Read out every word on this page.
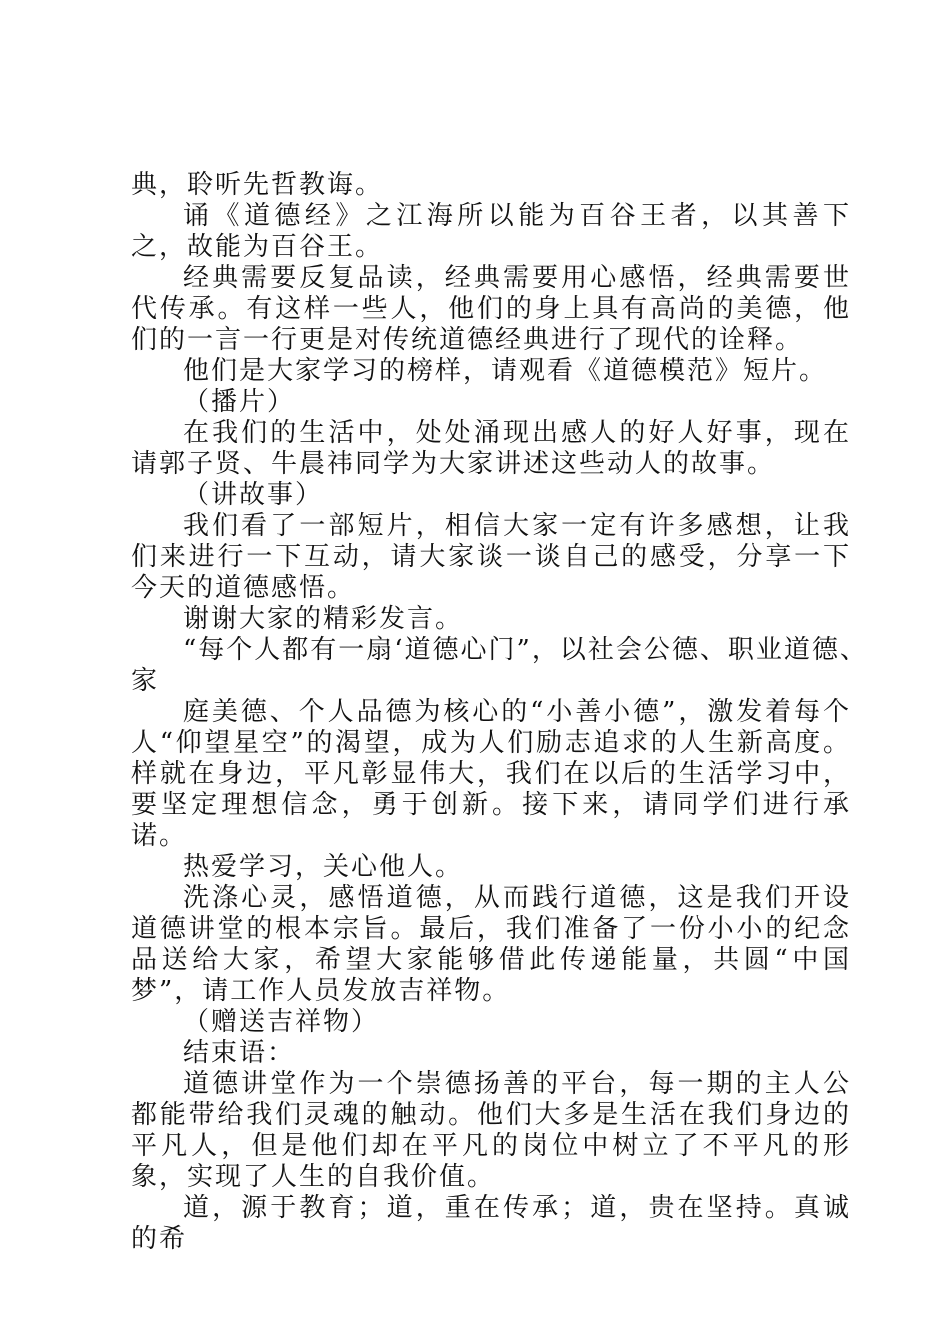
典，聆听先哲教诲。

诵《道德经》之江海所以能为百谷王者，以其善下之，故能为百谷王。

经典需要反复品读，经典需要用心感悟，经典需要世代传承。有这样一些人，他们的身上具有高尚的美德，他们的一言一行更是对传统道德经典进行了现代的诠释。

他们是大家学习的榜样，请观看《道德模范》短片。

（播片）

在我们的生活中，处处涌现出感人的好人好事，现在请郭子贤、牛晨祎同学为大家讲述这些动人的故事。

（讲故事）

我们看了一部短片，相信大家一定有许多感想，让我们来进行一下互动，请大家谈一谈自己的感受，分享一下今天的道德感悟。

谢谢大家的精彩发言。

“每个人都有一扇‘道德心门”，以社会公德、职业道德、

家

庭美德、个人品德为核心的“小善小德”，激发着每个人“仰望星空”的渴望，成为人们励志追求的人生新高度。样就在身边，平凡彰显伟大，我们在以后的生活学习中，要坚定理想信念，勇于创新。接下来，请同学们进行承诺。

热爱学习，关心他人。

洗涤心灵，感悟道德，从而践行道德，这是我们开设道德讲堂的根本宗旨。最后，我们准备了一份小小的纪念品送给大家，希望大家能够借此传递能量，共圆“中国梦”，请工作人员发放吉祥物。

（赠送吉祥物）

结束语：

道德讲堂作为一个崇德扬善的平台，每一期的主人公都能带给我们灵魂的触动。他们大多是生活在我们身边的平凡人，但是他们却在平凡的岗位中树立了不平凡的形象，实现了人生的自我价值。

道，源于教育；道，重在传承；道，贵在坚持。真诚的希
